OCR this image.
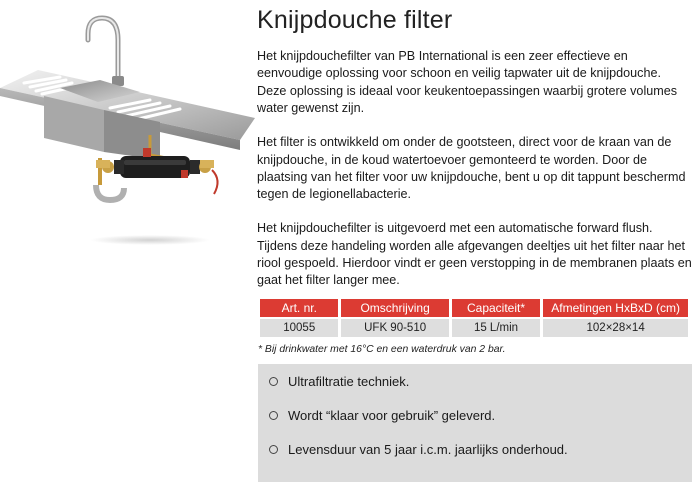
Knijpdouche filter

Het knijpdouchefilter van PB International is een zeer effectieve en eenvoudige oplossing voor schoon en veilig tapwater uit de knijpdouche. Deze oplossing is ideaal voor keukentoepassingen waarbij grotere volumes water gewenst zijn.

Het filter is ontwikkeld om onder de gootsteen, direct voor de kraan van de knijpdouche, in de koud watertoevoer gemonteerd te worden. Door de plaatsing van het filter voor uw knijpdouche, bent u op dit tappunt beschermd tegen de legionellabacterie.

Het knijpdouchefilter is uitgevoerd met een automatische forward flush. Tijdens deze handeling worden alle afgevangen deeltjes uit het filter naar het riool gespoeld. Hierdoor vindt er geen verstopping in de membranen plaats en gaat het filter langer mee.

Art. nr.	Omschrijving	Capaciteit*	Afmetingen HxBxD (cm)
10055	UFK 90-510	15 L/min	102×28×14
* Bij drinkwater met 16°C en een waterdruk van 2 bar.
Ultrafiltratie techniek.
Wordt “klaar voor gebruik” geleverd.
Levensduur van 5 jaar i.c.m. jaarlijks onderhoud.
